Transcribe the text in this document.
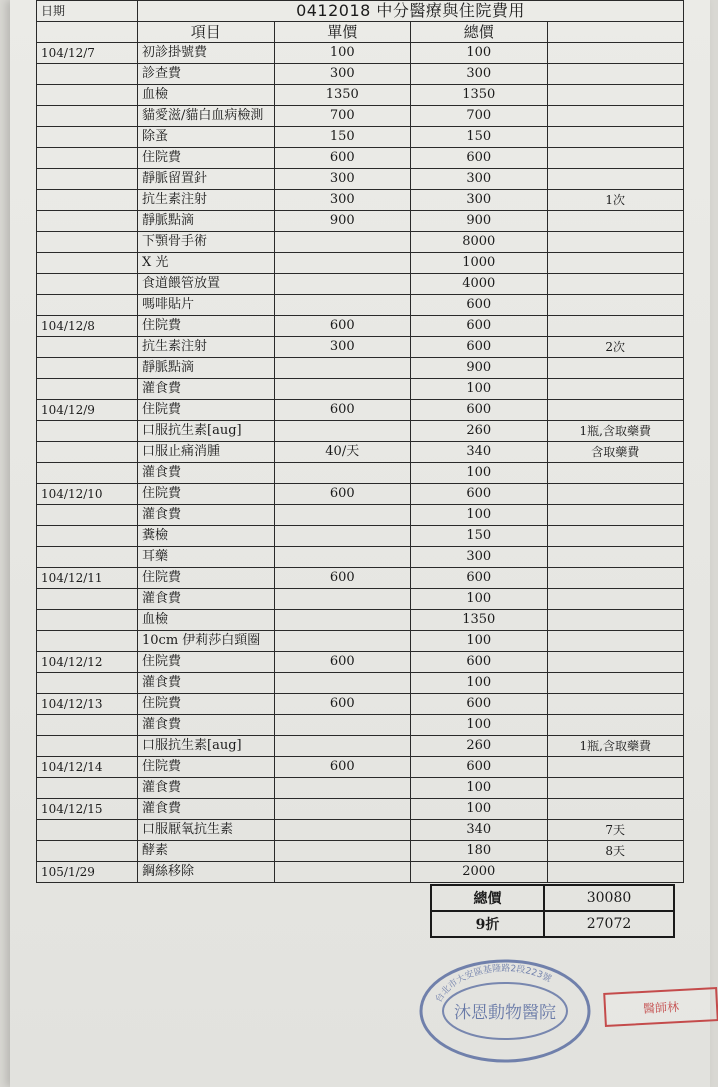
日期	0412018 中分醫療與住院費用			
	項目	單價	總價	
104/12/7	初診掛號費	100	100	
	診查費	300	300	
	血檢	1350	1350	
	貓愛滋/貓白血病檢測	700	700	
	除蚤	150	150	
	住院費	600	600	
	靜脈留置針	300	300	
	抗生素注射	300	300	1次
	靜脈點滴	900	900	
	下顎骨手術		8000	
	X 光		1000	
	食道餵管放置		4000	
	嗎啡貼片		600	
104/12/8	住院費	600	600	
	抗生素注射	300	600	2次
	靜脈點滴		900	
	灌食費		100	
104/12/9	住院費	600	600	
	口服抗生素[aug]		260	1瓶,含取藥費
	口服止痛消腫	40/天	340	含取藥費
	灌食費		100	
104/12/10	住院費	600	600	
	灌食費		100	
	糞檢		150	
	耳藥		300	
104/12/11	住院費	600	600	
	灌食費		100	
	血檢		1350	
	10cm 伊莉莎白頸圈		100	
104/12/12	住院費	600	600	
	灌食費		100	
104/12/13	住院費	600	600	
	灌食費		100	
	口服抗生素[aug]		260	1瓶,含取藥費
104/12/14	住院費	600	600	
	灌食費		100	
104/12/15	灌食費		100	
	口服厭氧抗生素		340	7天
	酵素		180	8天
105/1/29	鋼絲移除		2000	
總價	30080
9折	27072
台北市大安區基隆路2段223號
沐恩動物醫院	醫師林
